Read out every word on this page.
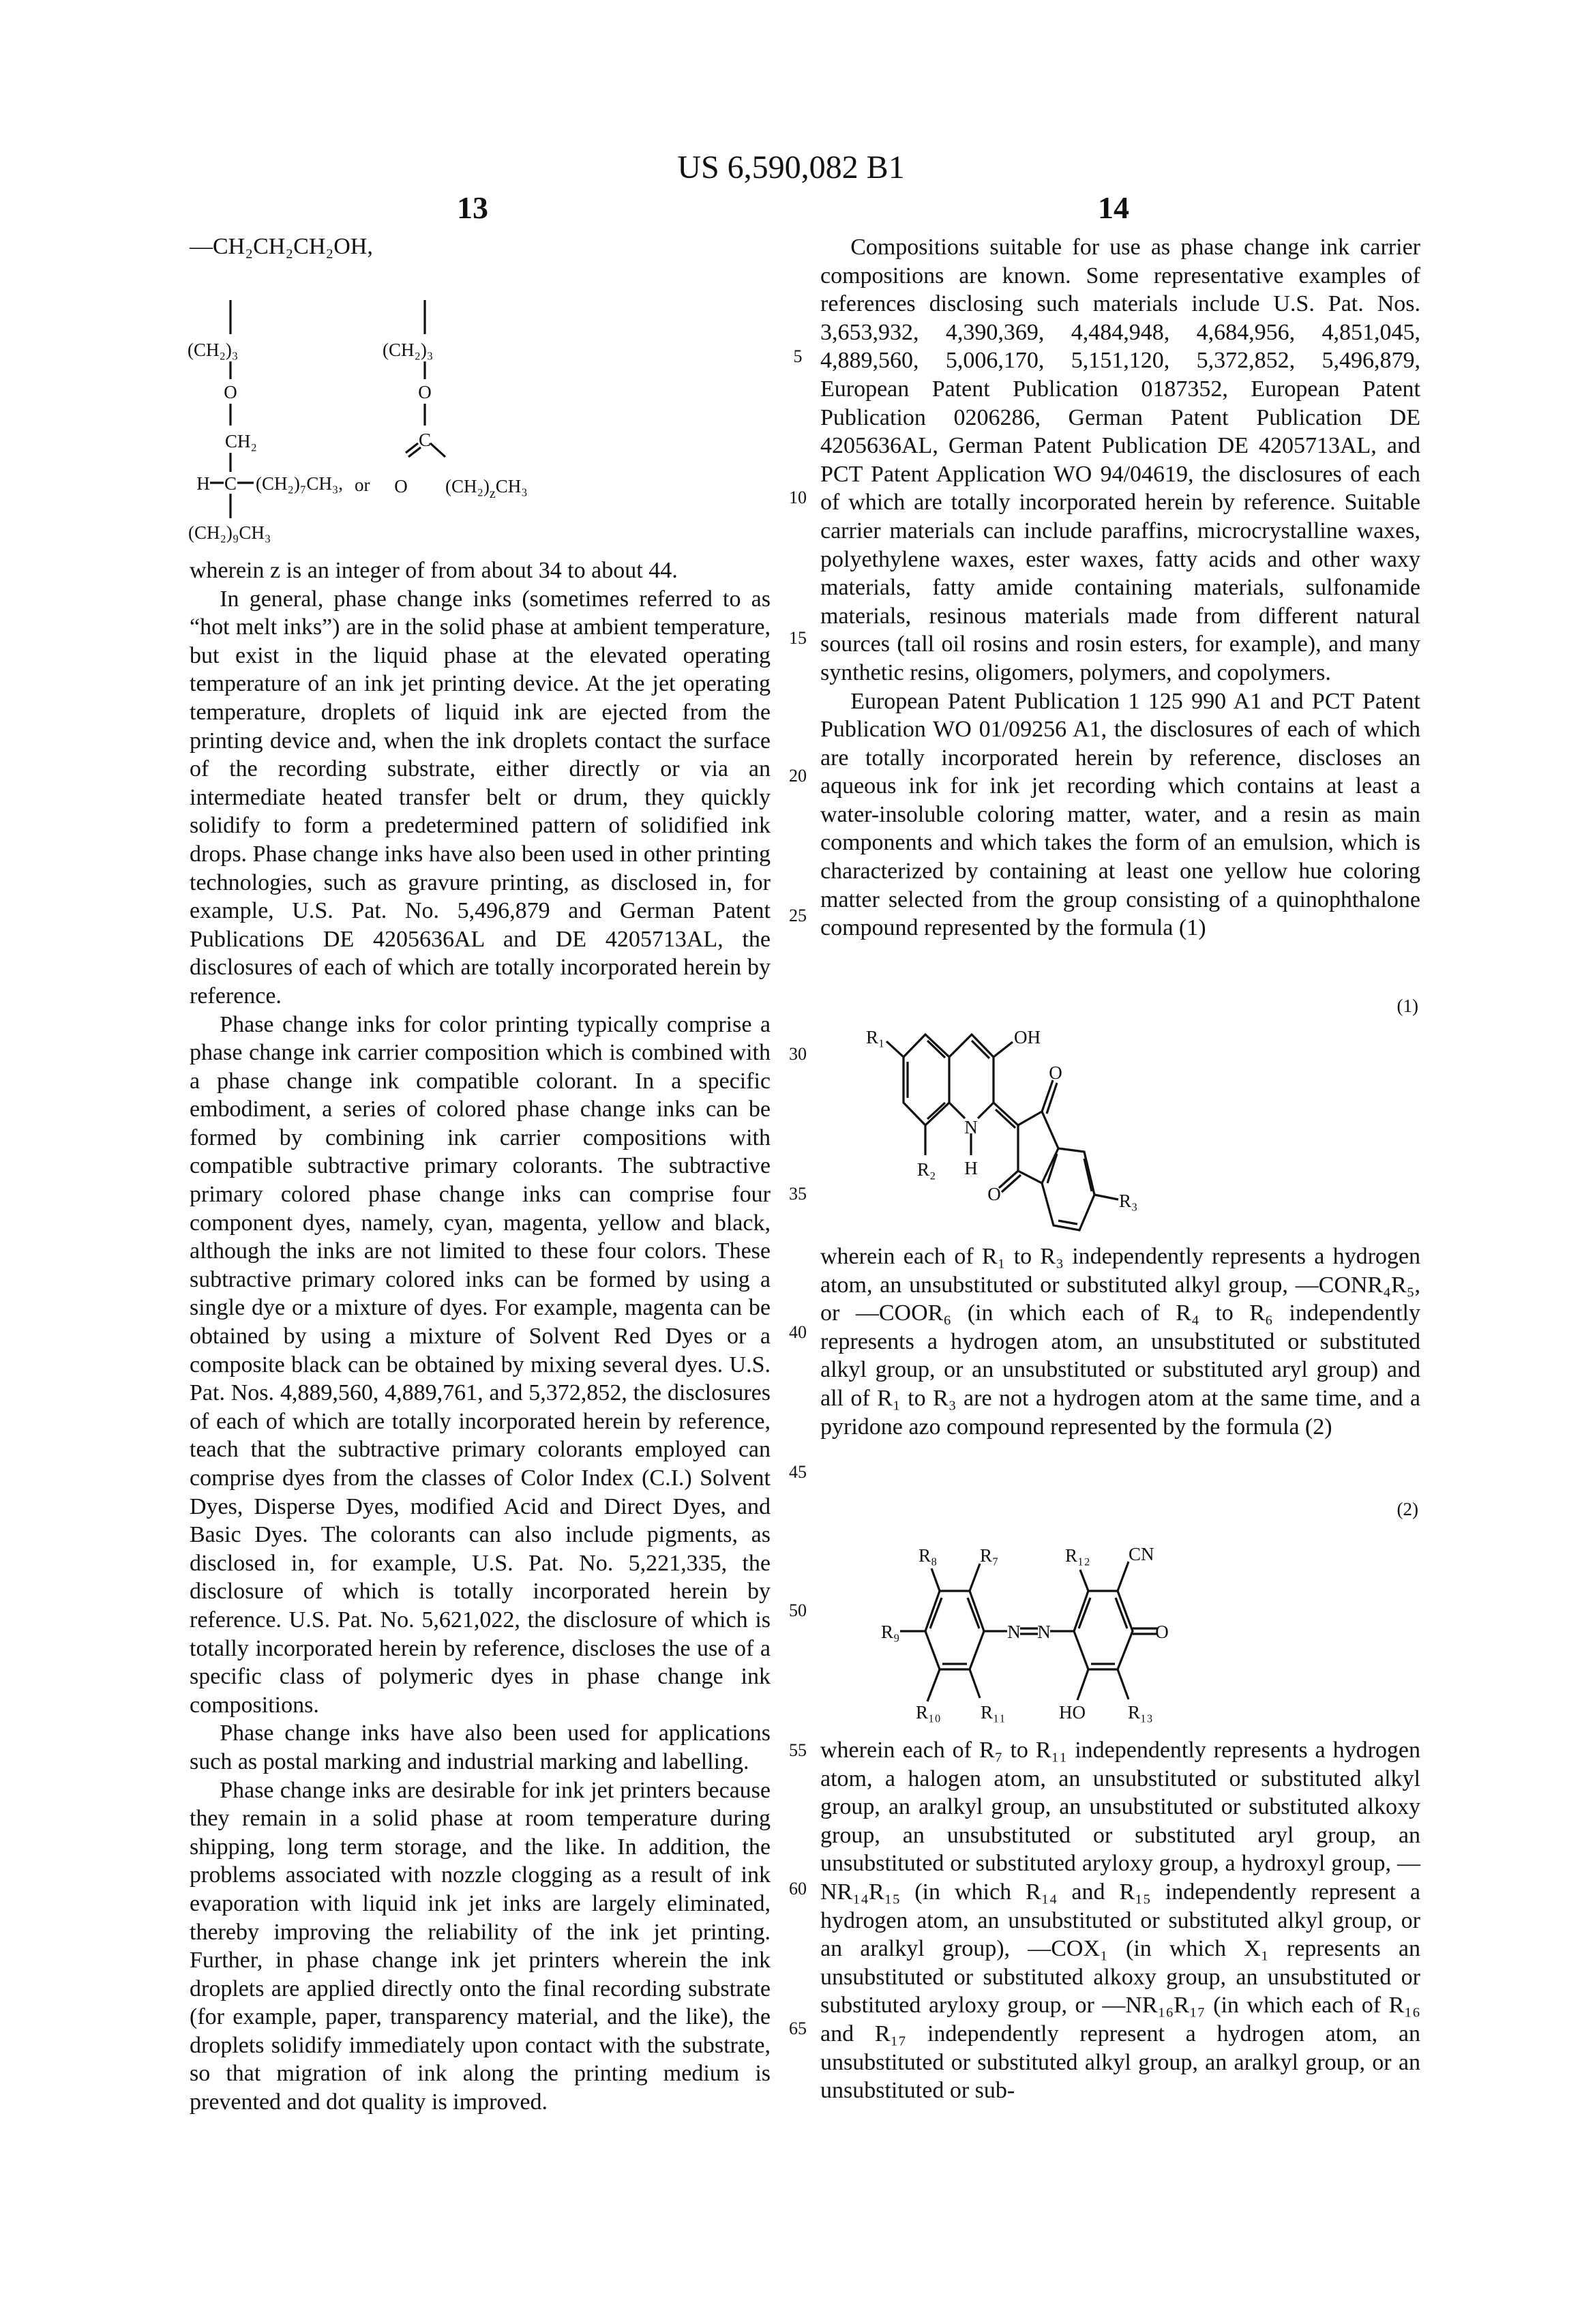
US 6,590,082 B1
13	14
—CH₂CH₂CH₂OH,
(CH₂)₃
O
CH₂
H C (CH₂)₇CH₃,
(CH₂)₉CH₃
or
(CH₂)₃
O
C
O (CH₂)zCH₃
(1)
R₁	OH
N
H
R₂
O
O	R₃
(2)
R₈ R₇
R₉
R₁₀ R₁₁
N N	O
R₁₂ CN
HO R₁₃

wherein z is an integer of from about 34 to about 44.

In general, phase change inks (sometimes referred to as “hot melt inks”) are in the solid phase at ambient temperature, but exist in the liquid phase at the elevated operating temperature of an ink jet printing device. At the jet operating temperature, droplets of liquid ink are ejected from the printing device and, when the ink droplets contact the surface of the recording substrate, either directly or via an intermediate heated transfer belt or drum, they quickly solidify to form a predetermined pattern of solidified ink drops. Phase change inks have also been used in other printing technologies, such as gravure printing, as disclosed in, for example, U.S. Pat. No. 5,496,879 and German Patent Publications DE 4205636AL and DE 4205713AL, the disclosures of each of which are totally incorporated herein by reference.

Phase change inks for color printing typically comprise a phase change ink carrier composition which is combined with a phase change ink compatible colorant. In a specific embodiment, a series of colored phase change inks can be formed by combining ink carrier compositions with compatible subtractive primary colorants. The subtractive primary colored phase change inks can comprise four component dyes, namely, cyan, magenta, yellow and black, although the inks are not limited to these four colors. These subtractive primary colored inks can be formed by using a single dye or a mixture of dyes. For example, magenta can be obtained by using a mixture of Solvent Red Dyes or a composite black can be obtained by mixing several dyes. U.S. Pat. Nos. 4,889,560, 4,889,761, and 5,372,852, the disclosures of each of which are totally incorporated herein by reference, teach that the subtractive primary colorants employed can comprise dyes from the classes of Color Index (C.I.) Solvent Dyes, Disperse Dyes, modified Acid and Direct Dyes, and Basic Dyes. The colorants can also include pigments, as disclosed in, for example, U.S. Pat. No. 5,221,335, the disclosure of which is totally incorporated herein by reference. U.S. Pat. No. 5,621,022, the disclosure of which is totally incorporated herein by reference, discloses the use of a specific class of polymeric dyes in phase change ink compositions.

Phase change inks have also been used for applications such as postal marking and industrial marking and labelling.

Phase change inks are desirable for ink jet printers because they remain in a solid phase at room temperature during shipping, long term storage, and the like. In addition, the problems associated with nozzle clogging as a result of ink evaporation with liquid ink jet inks are largely eliminated, thereby improving the reliability of the ink jet printing. Further, in phase change ink jet printers wherein the ink droplets are applied directly onto the final recording substrate (for example, paper, transparency material, and the like), the droplets solidify immediately upon contact with the substrate, so that migration of ink along the printing medium is prevented and dot quality is improved.

Compositions suitable for use as phase change ink carrier compositions are known. Some representative examples of references disclosing such materials include U.S. Pat. Nos. 3,653,932, 4,390,369, 4,484,948, 4,684,956, 4,851,045, 4,889,560, 5,006,170, 5,151,120, 5,372,852, 5,496,879, European Patent Publication 0187352, European Patent Publication 0206286, German Patent Publication DE 4205636AL, German Patent Publication DE 4205713AL, and PCT Patent Application WO 94/04619, the disclosures of each of which are totally incorporated herein by reference. Suitable carrier materials can include paraffins, microcrystalline waxes, polyethylene waxes, ester waxes, fatty acids and other waxy materials, fatty amide containing materials, sulfonamide materials, resinous materials made from different natural sources (tall oil rosins and rosin esters, for example), and many synthetic resins, oligomers, polymers, and copolymers.

European Patent Publication 1 125 990 A1 and PCT Patent Publication WO 01/09256 A1, the disclosures of each of which are totally incorporated herein by reference, discloses an aqueous ink for ink jet recording which contains at least a water-insoluble coloring matter, water, and a resin as main components and which takes the form of an emulsion, which is characterized by containing at least one yellow hue coloring matter selected from the group consisting of a quinophthalone compound represented by the formula (1)

wherein each of R₁ to R₃ independently represents a hydrogen atom, an unsubstituted or substituted alkyl group, —CONR₄R₅, or —COOR₆ (in which each of R₄ to R₆ independently represents a hydrogen atom, an unsubstituted or substituted alkyl group, or an unsubstituted or substituted aryl group) and all of R₁ to R₃ are not a hydrogen atom at the same time, and a pyridone azo compound represented by the formula (2)

wherein each of R₇ to R₁₁ independently represents a hydrogen atom, a halogen atom, an unsubstituted or substituted alkyl group, an aralkyl group, an unsubstituted or substituted alkoxy group, an unsubstituted or substituted aryl group, an unsubstituted or substituted aryloxy group, a hydroxyl group, —NR₁₄R₁₅ (in which R₁₄ and R₁₅ independently represent a hydrogen atom, an unsubstituted or substituted alkyl group, or an aralkyl group), —COX₁ (in which X₁ represents an unsubstituted or substituted alkoxy group, an unsubstituted or substituted aryloxy group, or —NR₁₆R₁₇ (in which each of R₁₆ and R₁₇ independently represent a hydrogen atom, an unsubstituted or substituted alkyl group, an aralkyl group, or an unsubstituted or sub-

5
10
15
20
25
30
35
40
45
50
55
60
65
